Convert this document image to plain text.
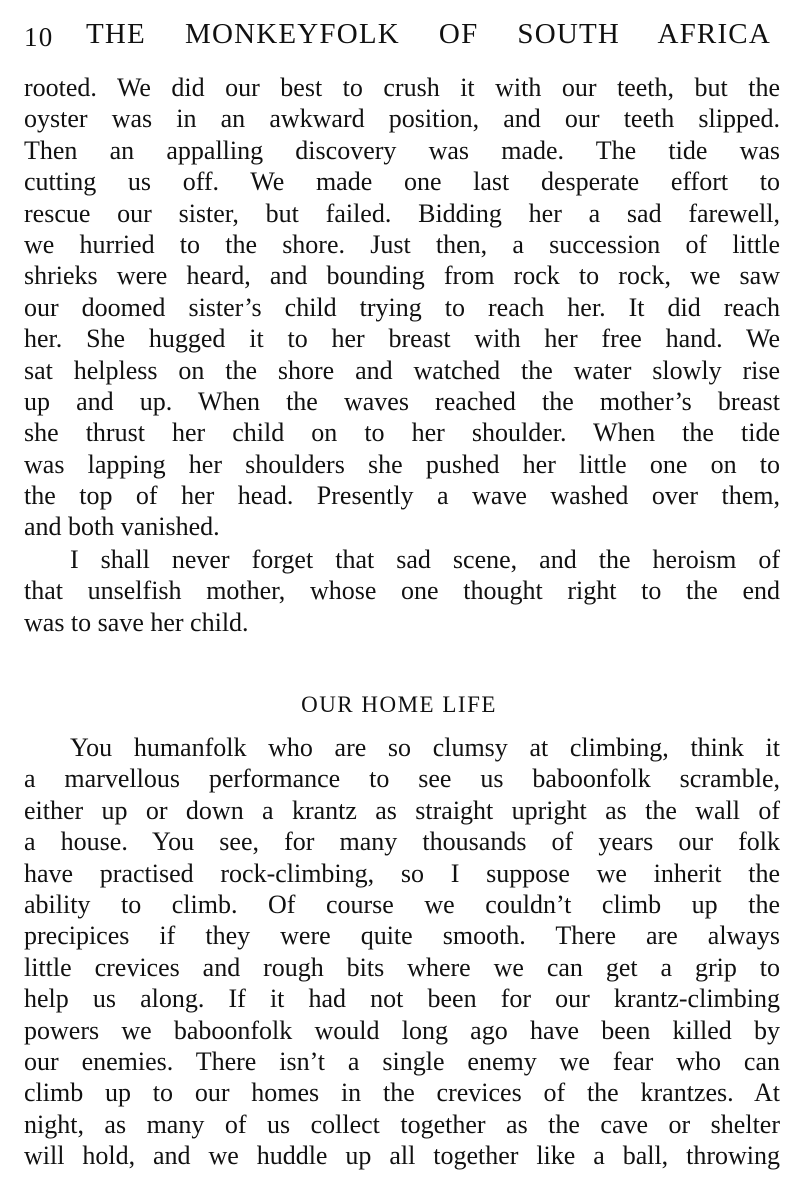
10 THE MONKEYFOLK OF SOUTH AFRICA
rooted. We did our best to crush it with our teeth, but the
oyster was in an awkward position, and our teeth slipped.
Then an appalling discovery was made. The tide was
cutting us off. We made one last desperate effort to
rescue our sister, but failed. Bidding her a sad farewell,
we hurried to the shore. Just then, a succession of little
shrieks were heard, and bounding from rock to rock, we saw
our doomed sister’s child trying to reach her. It did reach
her. She hugged it to her breast with her free hand. We
sat helpless on the shore and watched the water slowly rise
up and up. When the waves reached the mother’s breast
she thrust her child on to her shoulder. When the tide
was lapping her shoulders she pushed her little one on to
the top of her head. Presently a wave washed over them,
and both vanished.
I shall never forget that sad scene, and the heroism of
that unselfish mother, whose one thought right to the end
was to save her child.
OUR HOME LIFE
You humanfolk who are so clumsy at climbing, think it
a marvellous performance to see us baboonfolk scramble,
either up or down a krantz as straight upright as the wall of
a house. You see, for many thousands of years our folk
have practised rock-climbing, so I suppose we inherit the
ability to climb. Of course we couldn’t climb up the
precipices if they were quite smooth. There are always
little crevices and rough bits where we can get a grip to
help us along. If it had not been for our krantz-climbing
powers we baboonfolk would long ago have been killed by
our enemies. There isn’t a single enemy we fear who can
climb up to our homes in the crevices of the krantzes. At
night, as many of us collect together as the cave or shelter
will hold, and we huddle up all together like a ball, throwing
